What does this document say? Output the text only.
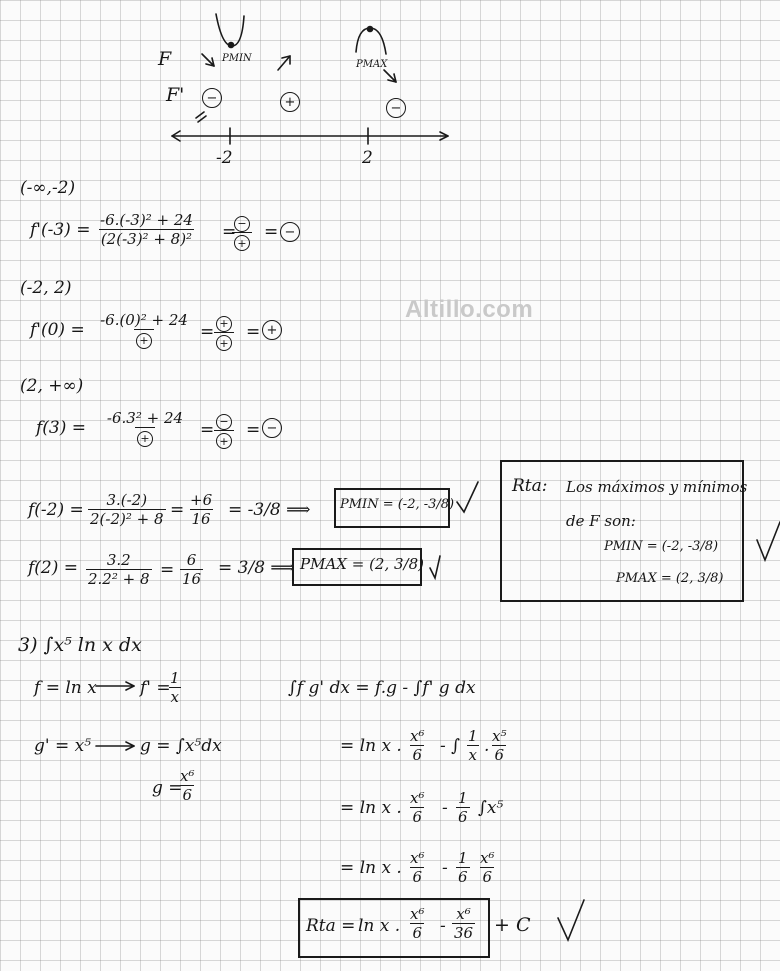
Altillo.com
F
F'
PMIN
PMAX
−	+	−
-2	2
(-∞,-2)
$f'(-3) = \frac{\text{-6.(-3)² + 24}}{\text{(2(-3)² + 8)²}}$ = −
+
= −
(-2, 2)
f'(0) = -6.(0)² + 24
+	= +
+
= +
(2, +∞)
f(3) = -6.3² + 24
+	= −
+
= −
$f(-2) = \frac{3.(-2)}{\text{2(-2)² + 8}} = \frac{+6}{16} = -3/8$ ⟹ PMIN = (-2, -3/8)
$f(2) = \frac{3.2}{\text{2.2² + 8}} = \frac{6}{16} = 3/8$ ⟹ PMAX = (2, 3/8)
Rta: Los máximos y mínimos
de F son:
PMIN = (-2, -3/8)
PMAX = (2, 3/8)
3) ∫x⁵ ln x dx
f = ln x	f' =
$\frac{1}{x}$
g' = x⁵	g = ∫x⁵dx
g =
$\frac{\text{x⁶}}{6}$
∫f g' dx = f.g - ∫f' g dx
= ln x . $\frac{\text{x⁶}}{6}$ - ∫ $\frac{1}{x}$ . $\frac{\text{x⁵}}{6}$
= ln x . $\frac{\text{x⁶}}{6} - \frac{1}{6} \int x^5$
= ln x . $\frac{\text{x⁶}}{6} - \frac{1}{6} \frac{\text{x⁶}}{6}$
Rta = ln x . $\frac{\text{x⁶}}{6} - \frac{\text{x⁶}}{36} + C$
